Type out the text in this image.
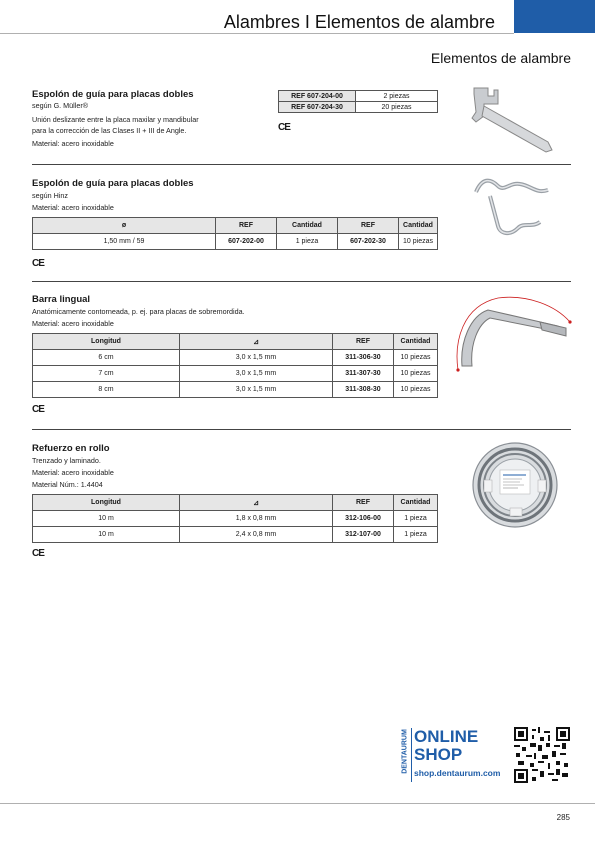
Alambres I Elementos de alambre
Elementos de alambre
Espolón de guía para placas dobles
según G. Müller®
Unión deslizante entre la placa maxilar y mandibular
para la corrección de las Clases II + III de Angle.
Material: acero inoxidable
REF 607-204-00	2 piezas
REF 607-204-30	20 piezas
CE
Espolón de guía para placas dobles
según Hinz
Material: acero inoxidable
ø	REF	Cantidad	REF	Cantidad
1,50 mm / 59	607-202-00	1 pieza	607-202-30	10 piezas
CE
Barra lingual
Anatómicamente contorneada, p. ej. para placas de sobremordida.
Material: acero inoxidable
Longitud	⊿	REF	Cantidad
6 cm	3,0 x 1,5 mm	311-306-30	10 piezas
7 cm	3,0 x 1,5 mm	311-307-30	10 piezas
8 cm	3,0 x 1,5 mm	311-308-30	10 piezas
CE
Refuerzo en rollo
Trenzado y laminado.
Material: acero inoxidable
Material Núm.: 1.4404
Longitud	⊿	REF	Cantidad
10 m	1,8 x 0,8 mm	312-106-00	1 pieza
10 m	2,4 x 0,8 mm	312-107-00	1 pieza
CE
DENTAURUM ONLINE
SHOP
shop.dentaurum.com
285
